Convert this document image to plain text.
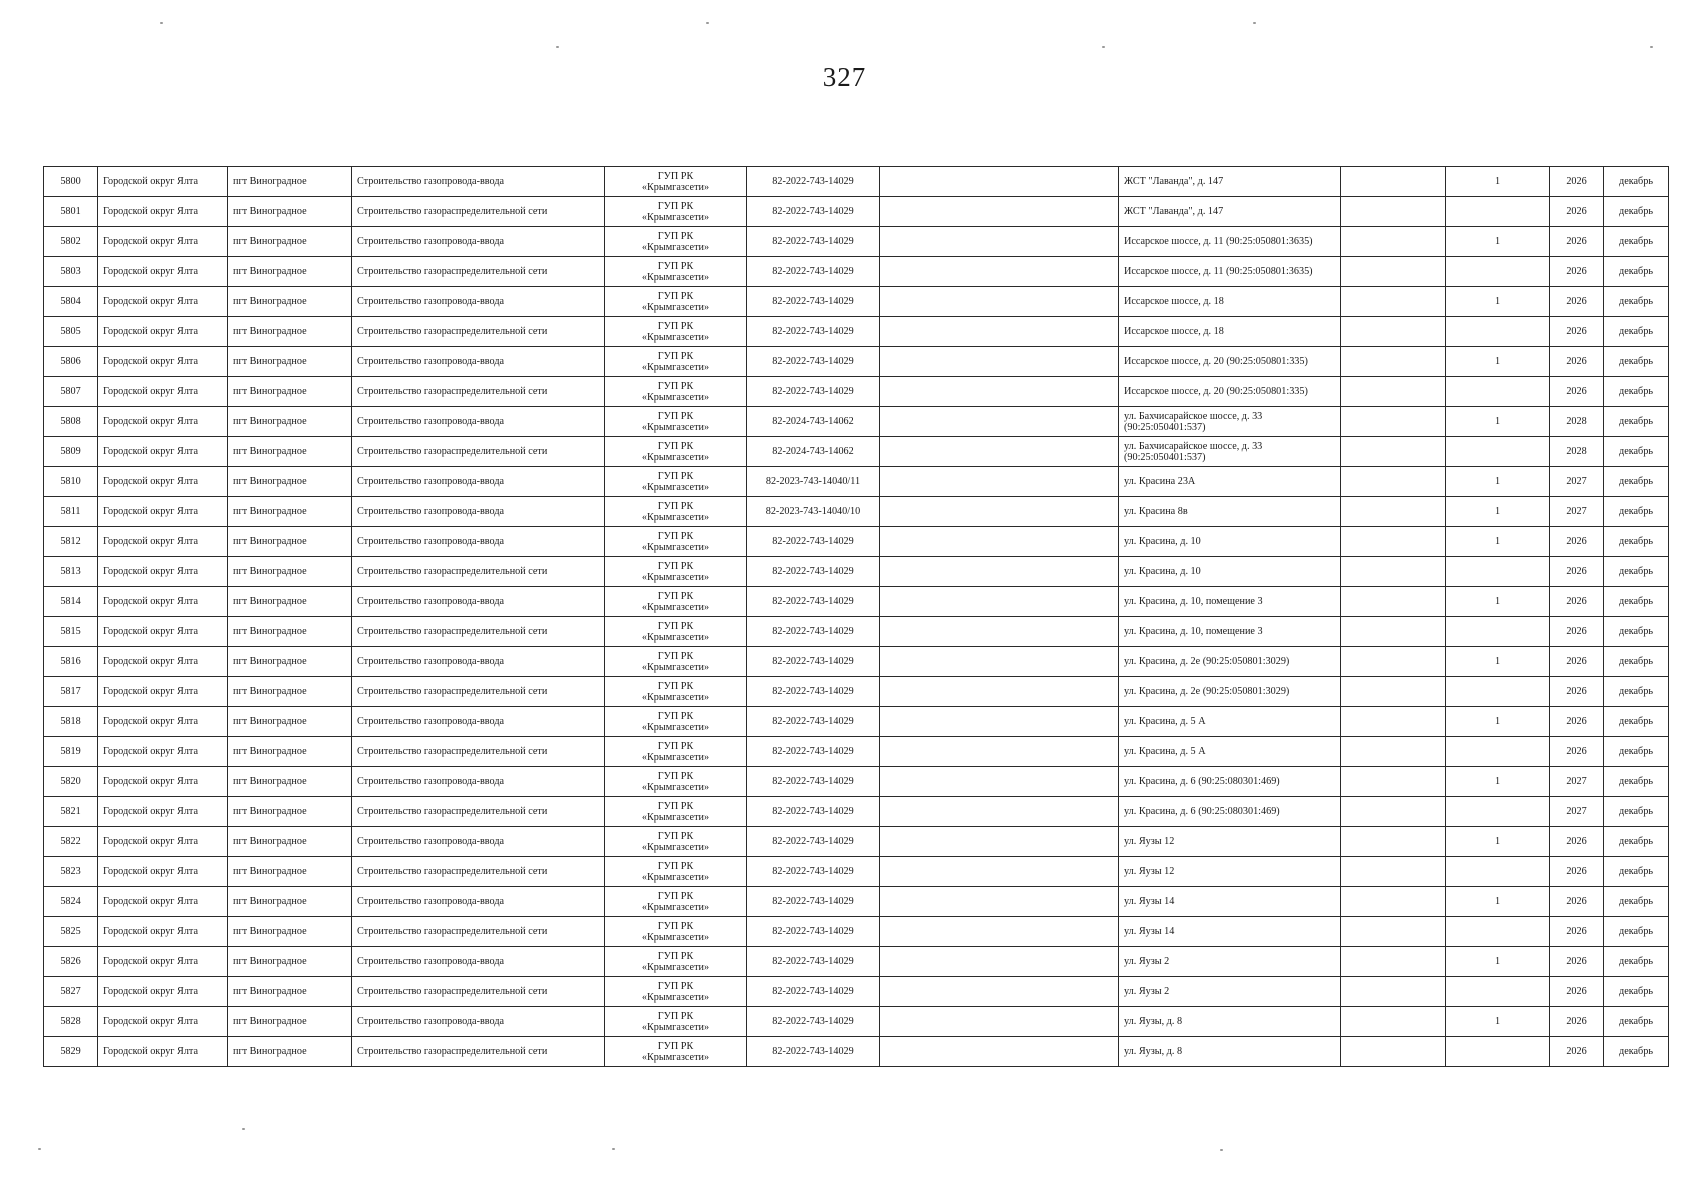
327
5800	Городской округ Ялта	пгт Виноградное	Строительство газопровода-ввода	ГУП РК
«Крымгазсети»	82-2022-743-14029		ЖСТ "Лаванда", д. 147		1	2026	декабрь
5801	Городской округ Ялта	пгт Виноградное	Строительство газораспределительной сети	ГУП РК
«Крымгазсети»	82-2022-743-14029		ЖСТ "Лаванда", д. 147			2026	декабрь
5802	Городской округ Ялта	пгт Виноградное	Строительство газопровода-ввода	ГУП РК
«Крымгазсети»	82-2022-743-14029		Иссарское шоссе, д. 11 (90:25:050801:3635)		1	2026	декабрь
5803	Городской округ Ялта	пгт Виноградное	Строительство газораспределительной сети	ГУП РК
«Крымгазсети»	82-2022-743-14029		Иссарское шоссе, д. 11 (90:25:050801:3635)			2026	декабрь
5804	Городской округ Ялта	пгт Виноградное	Строительство газопровода-ввода	ГУП РК
«Крымгазсети»	82-2022-743-14029		Иссарское шоссе, д. 18		1	2026	декабрь
5805	Городской округ Ялта	пгт Виноградное	Строительство газораспределительной сети	ГУП РК
«Крымгазсети»	82-2022-743-14029		Иссарское шоссе, д. 18			2026	декабрь
5806	Городской округ Ялта	пгт Виноградное	Строительство газопровода-ввода	ГУП РК
«Крымгазсети»	82-2022-743-14029		Иссарское шоссе, д. 20 (90:25:050801:335)		1	2026	декабрь
5807	Городской округ Ялта	пгт Виноградное	Строительство газораспределительной сети	ГУП РК
«Крымгазсети»	82-2022-743-14029		Иссарское шоссе, д. 20 (90:25:050801:335)			2026	декабрь
5808	Городской округ Ялта	пгт Виноградное	Строительство газопровода-ввода	ГУП РК
«Крымгазсети»	82-2024-743-14062		ул. Бахчисарайское шоссе, д. 33 (90:25:050401:537)		1	2028	декабрь
5809	Городской округ Ялта	пгт Виноградное	Строительство газораспределительной сети	ГУП РК
«Крымгазсети»	82-2024-743-14062		ул. Бахчисарайское шоссе, д. 33 (90:25:050401:537)			2028	декабрь
5810	Городской округ Ялта	пгт Виноградное	Строительство газопровода-ввода	ГУП РК
«Крымгазсети»	82-2023-743-14040/11		ул. Красина 23А		1	2027	декабрь
5811	Городской округ Ялта	пгт Виноградное	Строительство газопровода-ввода	ГУП РК
«Крымгазсети»	82-2023-743-14040/10		ул. Красина 8в		1	2027	декабрь
5812	Городской округ Ялта	пгт Виноградное	Строительство газопровода-ввода	ГУП РК
«Крымгазсети»	82-2022-743-14029		ул. Красина, д. 10		1	2026	декабрь
5813	Городской округ Ялта	пгт Виноградное	Строительство газораспределительной сети	ГУП РК
«Крымгазсети»	82-2022-743-14029		ул. Красина, д. 10			2026	декабрь
5814	Городской округ Ялта	пгт Виноградное	Строительство газопровода-ввода	ГУП РК
«Крымгазсети»	82-2022-743-14029		ул. Красина, д. 10, помещение 3		1	2026	декабрь
5815	Городской округ Ялта	пгт Виноградное	Строительство газораспределительной сети	ГУП РК
«Крымгазсети»	82-2022-743-14029		ул. Красина, д. 10, помещение 3			2026	декабрь
5816	Городской округ Ялта	пгт Виноградное	Строительство газопровода-ввода	ГУП РК
«Крымгазсети»	82-2022-743-14029		ул. Красина, д. 2е (90:25:050801:3029)		1	2026	декабрь
5817	Городской округ Ялта	пгт Виноградное	Строительство газораспределительной сети	ГУП РК
«Крымгазсети»	82-2022-743-14029		ул. Красина, д. 2е (90:25:050801:3029)			2026	декабрь
5818	Городской округ Ялта	пгт Виноградное	Строительство газопровода-ввода	ГУП РК
«Крымгазсети»	82-2022-743-14029		ул. Красина, д. 5 А		1	2026	декабрь
5819	Городской округ Ялта	пгт Виноградное	Строительство газораспределительной сети	ГУП РК
«Крымгазсети»	82-2022-743-14029		ул. Красина, д. 5 А			2026	декабрь
5820	Городской округ Ялта	пгт Виноградное	Строительство газопровода-ввода	ГУП РК
«Крымгазсети»	82-2022-743-14029		ул. Красина, д. 6 (90:25:080301:469)		1	2027	декабрь
5821	Городской округ Ялта	пгт Виноградное	Строительство газораспределительной сети	ГУП РК
«Крымгазсети»	82-2022-743-14029		ул. Красина, д. 6 (90:25:080301:469)			2027	декабрь
5822	Городской округ Ялта	пгт Виноградное	Строительство газопровода-ввода	ГУП РК
«Крымгазсети»	82-2022-743-14029		ул. Яузы 12		1	2026	декабрь
5823	Городской округ Ялта	пгт Виноградное	Строительство газораспределительной сети	ГУП РК
«Крымгазсети»	82-2022-743-14029		ул. Яузы 12			2026	декабрь
5824	Городской округ Ялта	пгт Виноградное	Строительство газопровода-ввода	ГУП РК
«Крымгазсети»	82-2022-743-14029		ул. Яузы 14		1	2026	декабрь
5825	Городской округ Ялта	пгт Виноградное	Строительство газораспределительной сети	ГУП РК
«Крымгазсети»	82-2022-743-14029		ул. Яузы 14			2026	декабрь
5826	Городской округ Ялта	пгт Виноградное	Строительство газопровода-ввода	ГУП РК
«Крымгазсети»	82-2022-743-14029		ул. Яузы 2		1	2026	декабрь
5827	Городской округ Ялта	пгт Виноградное	Строительство газораспределительной сети	ГУП РК
«Крымгазсети»	82-2022-743-14029		ул. Яузы 2			2026	декабрь
5828	Городской округ Ялта	пгт Виноградное	Строительство газопровода-ввода	ГУП РК
«Крымгазсети»	82-2022-743-14029		ул. Яузы, д. 8		1	2026	декабрь
5829	Городской округ Ялта	пгт Виноградное	Строительство газораспределительной сети	ГУП РК
«Крымгазсети»	82-2022-743-14029		ул. Яузы, д. 8			2026	декабрь
